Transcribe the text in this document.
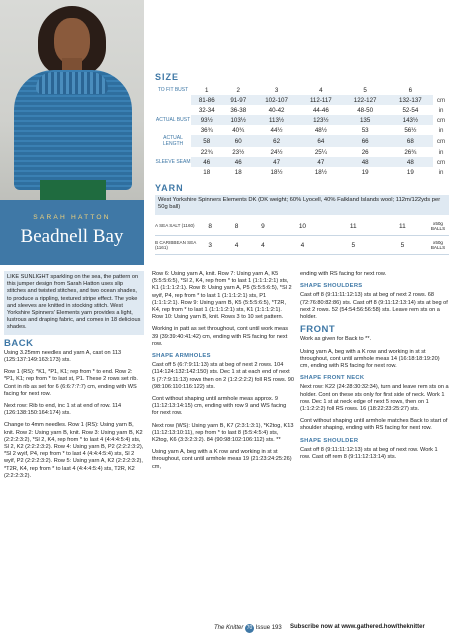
SARAH HATTON
Beadnell Bay
SIZE
TO FIT BUST	1	2	3	4	5	6	
	81-86	91-97	102-107	112-117	122-127	132-137	cm
	32-34	36-38	40-42	44-46	48-50	52-54	in
ACTUAL BUST	93½	103½	113½	123½	135	143½	cm
	36¾	40¾	44½	48½	53	56½	in
ACTUAL LENGTH	58	60	62	64	66	68	cm
	22¾	23½	24½	25¼	26	26¾	in
SLEEVE SEAM	46	46	47	47	48	48	cm
	18	18	18½	18½	19	19	in
YARN
West Yorkshire Spinners Elements DK (DK weight; 60% Lyocell, 40% Falkland Islands wool; 112m/122yds per 50g ball)
A SEA SALT (1160)	8	8	9	10	11	11	x50g BALLS
B CARIBBEAN SEA (1161)	3	4	4	4	5	5	x50g BALLS

LIKE SUNLIGHT sparkling on the sea, the pattern on this jumper design from Sarah Hatton uses slip stitches and twisted stitches, and two ocean shades, to produce a rippling, textured stripe effect. The yoke and sleeves are knitted in stocking stitch. West Yorkshire Spinners' Elements yarn provides a light, lustrous and draping fabric, and comes in 18 delicious shades.

BACK

Using 3.25mm needles and yarn A, cast on 113 (125:137:149:163:173) sts.

Row 1 (RS): *K1, *P1, K1; rep from * to end. Row 2: *P1, K1; rep from * to last st, P1. These 2 rows set rib. Cont in rib as set for 6 (6:6:7:7:7) cm, ending with WS facing for next row.

Next row: Rib to end, inc 1 st at end of row. 114 (126:138:150:164:174) sts.

Change to 4mm needles. Row 1 (RS): Using yarn B, knit. Row 2: Using yarn B, knit. Row 3: Using yarn B, K2 (2:2:2:3:2), *Sl 2, K4, rep from * to last 4 (4:4:4:5:4) sts, Sl 2, K2 (2:2:2:3:2). Row 4: Using yarn B, P2 (2:2:2:3:2), *Sl 2 wyif, P4, rep from * to last 4 (4:4:4:5:4) sts, Sl 2 wyif, P2 (2:2:2:3:2). Row 5: Using yarn A, K2 (2:2:2:3:2), *T2R, K4, rep from * to last 4 (4:4:4:5:4) sts, T2R, K2 (2:2:2:3:2).

Row 6: Using yarn A, knit. Row 7: Using yarn A, K5 (5:5:5:6:5), *Sl 2, K4, rep from * to last 1 (1:1:1:2:1) sts, K1 (1:1:1:2:1). Row 8: Using yarn A, P5 (5:5:5:6:5), *Sl 2 wyif, P4, rep from * to last 1 (1:1:1:2:1) sts, P1 (1:1:1:2:1). Row 9: Using yarn B, K5 (5:5:5:6:5), *T2R, K4, rep from * to last 1 (1:1:1:2:1) sts, K1 (1:1:1:2:1). Row 10: Using yarn B, knit. Rows 3 to 10 set pattern.

Working in patt as set throughout, cont until work meas 39 (39:39:40:41:42) cm, ending with RS facing for next row.

SHAPE ARMHOLES

Cast off 5 (6:7:9:11:13) sts at beg of next 2 rows. 104 (114:124:132:142:150) sts. Dec 1 st at each end of next 5 (7:7:9:11:13) rows then on 2 (1:2:2:2:2) foll RS rows. 90 (98:106:110:116:122) sts.

Cont without shaping until armhole meas approx. 9 (11:12:13:14:15) cm, ending with row 9 and WS facing for next row.

Next row (WS): Using yarn B, K7 (2:3:1:3:1), *K2tog, K13 (11:12:13:10:11), rep from * to last 8 (5:5:4:5:4) sts, K2tog, K6 (3:3:2:3:2). 84 (90:98:102:106:112) sts. **

Using yarn A, beg with a K row and working in st st throughout, cont until armhole meas 19 (21:23:24:25:26) cm,

ending with RS facing for next row.

SHAPE SHOULDERS

Cast off 8 (9:11:11:12:13) sts at beg of next 2 rows. 68 (72:76:80:82:86) sts. Cast off 8 (9:11:12:13:14) sts at beg of next 2 rows. 52 (54:54:56:56:58) sts. Leave rem sts on a holder.

FRONT

Work as given for Back to **.

Using yarn A, beg with a K row and working in st st throughout, cont until armhole meas 14 (16:18:18:19:20) cm, ending with RS facing for next row.

SHAPE FRONT NECK

Next row: K22 (24:28:30:32:34), turn and leave rem sts on a holder. Cont on these sts only for first side of neck. Work 1 row. Dec 1 st at neck edge of next 5 rows, then on 1 (1:1:2:2:2) foll RS rows. 16 (18:22:23:25:27) sts.

Cont without shaping until armhole matches Back to start of shoulder shaping, ending with RS facing for next row.

SHAPE SHOULDER

Cast off 8 (9:11:11:12:13) sts at beg of next row. Work 1 row. Cast off rem 8 (9:11:12:13:14) sts.

The Knitter 70 Issue 193 Subscribe now at www.gathered.how/theknitter
